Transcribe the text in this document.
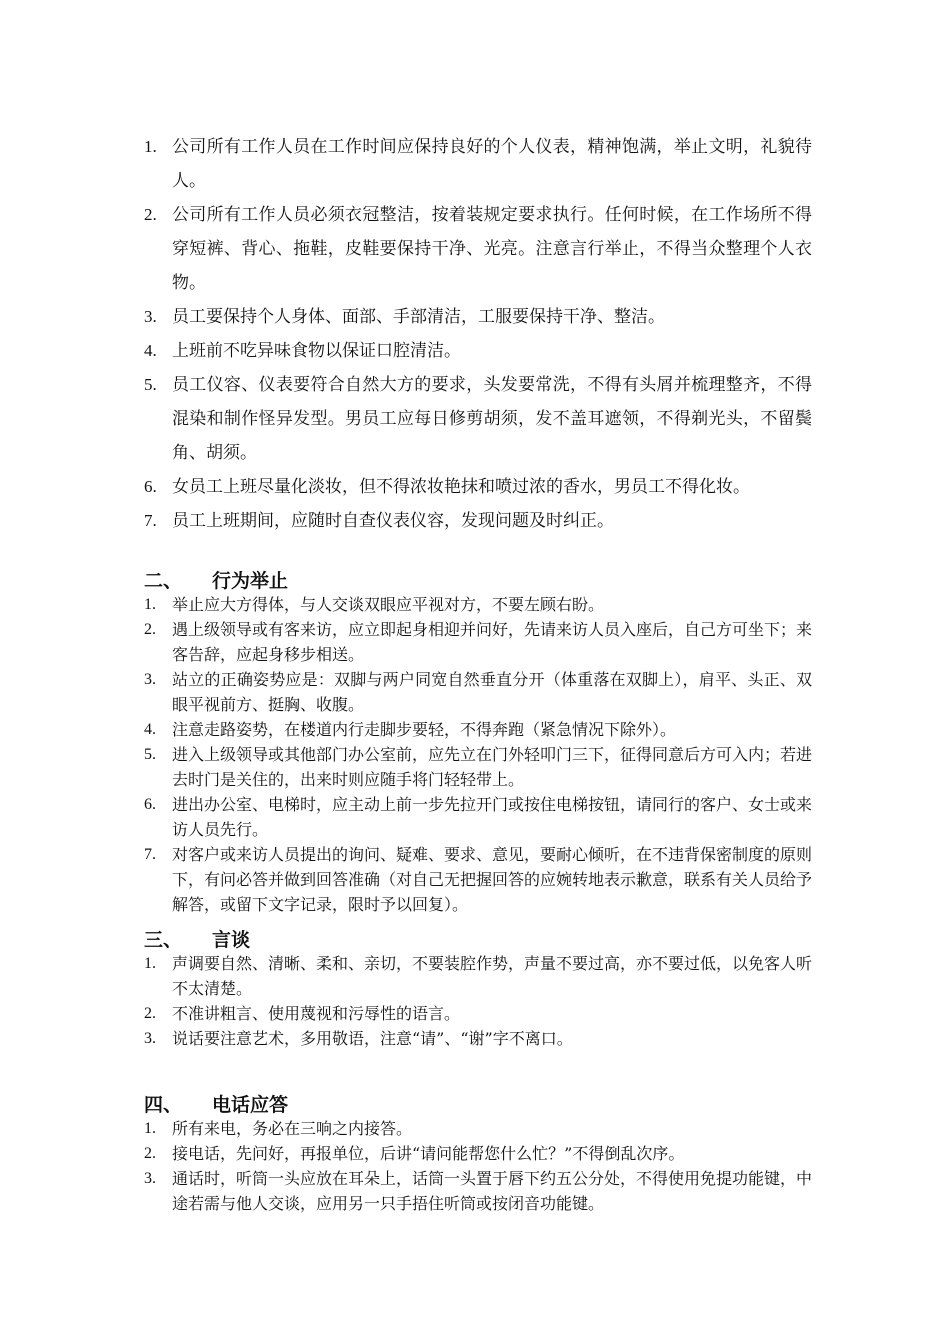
1. 公司所有工作人员在工作时间应保持良好的个人仪表，精神饱满，举止文明，礼貌待人。
2. 公司所有工作人员必须衣冠整洁，按着装规定要求执行。任何时候，在工作场所不得穿短裤、背心、拖鞋，皮鞋要保持干净、光亮。注意言行举止，不得当众整理个人衣物。
3. 员工要保持个人身体、面部、手部清洁，工服要保持干净、整洁。
4. 上班前不吃异味食物以保证口腔清洁。
5. 员工仪容、仪表要符合自然大方的要求，头发要常洗，不得有头屑并梳理整齐，不得混染和制作怪异发型。男员工应每日修剪胡须，发不盖耳遮领，不得剃光头，不留鬓角、胡须。
6. 女员工上班尽量化淡妆，但不得浓妆艳抹和喷过浓的香水，男员工不得化妆。
7. 员工上班期间，应随时自查仪表仪容，发现问题及时纠正。
二、 行为举止
1. 举止应大方得体，与人交谈双眼应平视对方，不要左顾右盼。
2. 遇上级领导或有客来访，应立即起身相迎并问好，先请来访人员入座后，自己方可坐下；来客告辞，应起身移步相送。
3. 站立的正确姿势应是：双脚与两户同宽自然垂直分开（体重落在双脚上），肩平、头正、双眼平视前方、挺胸、收腹。
4. 注意走路姿势，在楼道内行走脚步要轻，不得奔跑（紧急情况下除外）。
5. 进入上级领导或其他部门办公室前，应先立在门外轻叩门三下，征得同意后方可入内；若进去时门是关住的，出来时则应随手将门轻轻带上。
6. 进出办公室、电梯时，应主动上前一步先拉开门或按住电梯按钮，请同行的客户、女士或来访人员先行。
7. 对客户或来访人员提出的询问、疑难、要求、意见，要耐心倾听，在不违背保密制度的原则下，有问必答并做到回答准确（对自己无把握回答的应婉转地表示歉意，联系有关人员给予解答，或留下文字记录，限时予以回复）。
三、 言谈
1. 声调要自然、清晰、柔和、亲切，不要装腔作势，声量不要过高，亦不要过低，以免客人听不太清楚。
2. 不准讲粗言、使用蔑视和污辱性的语言。
3. 说话要注意艺术，多用敬语，注意“请”、“谢”字不离口。
四、 电话应答
1. 所有来电，务必在三响之内接答。
2. 接电话，先问好，再报单位，后讲“请问能帮您什么忙？”不得倒乱次序。
3. 通话时，听筒一头应放在耳朵上，话筒一头置于唇下约五公分处，不得使用免提功能键，中途若需与他人交谈，应用另一只手捂住听筒或按闭音功能键。
